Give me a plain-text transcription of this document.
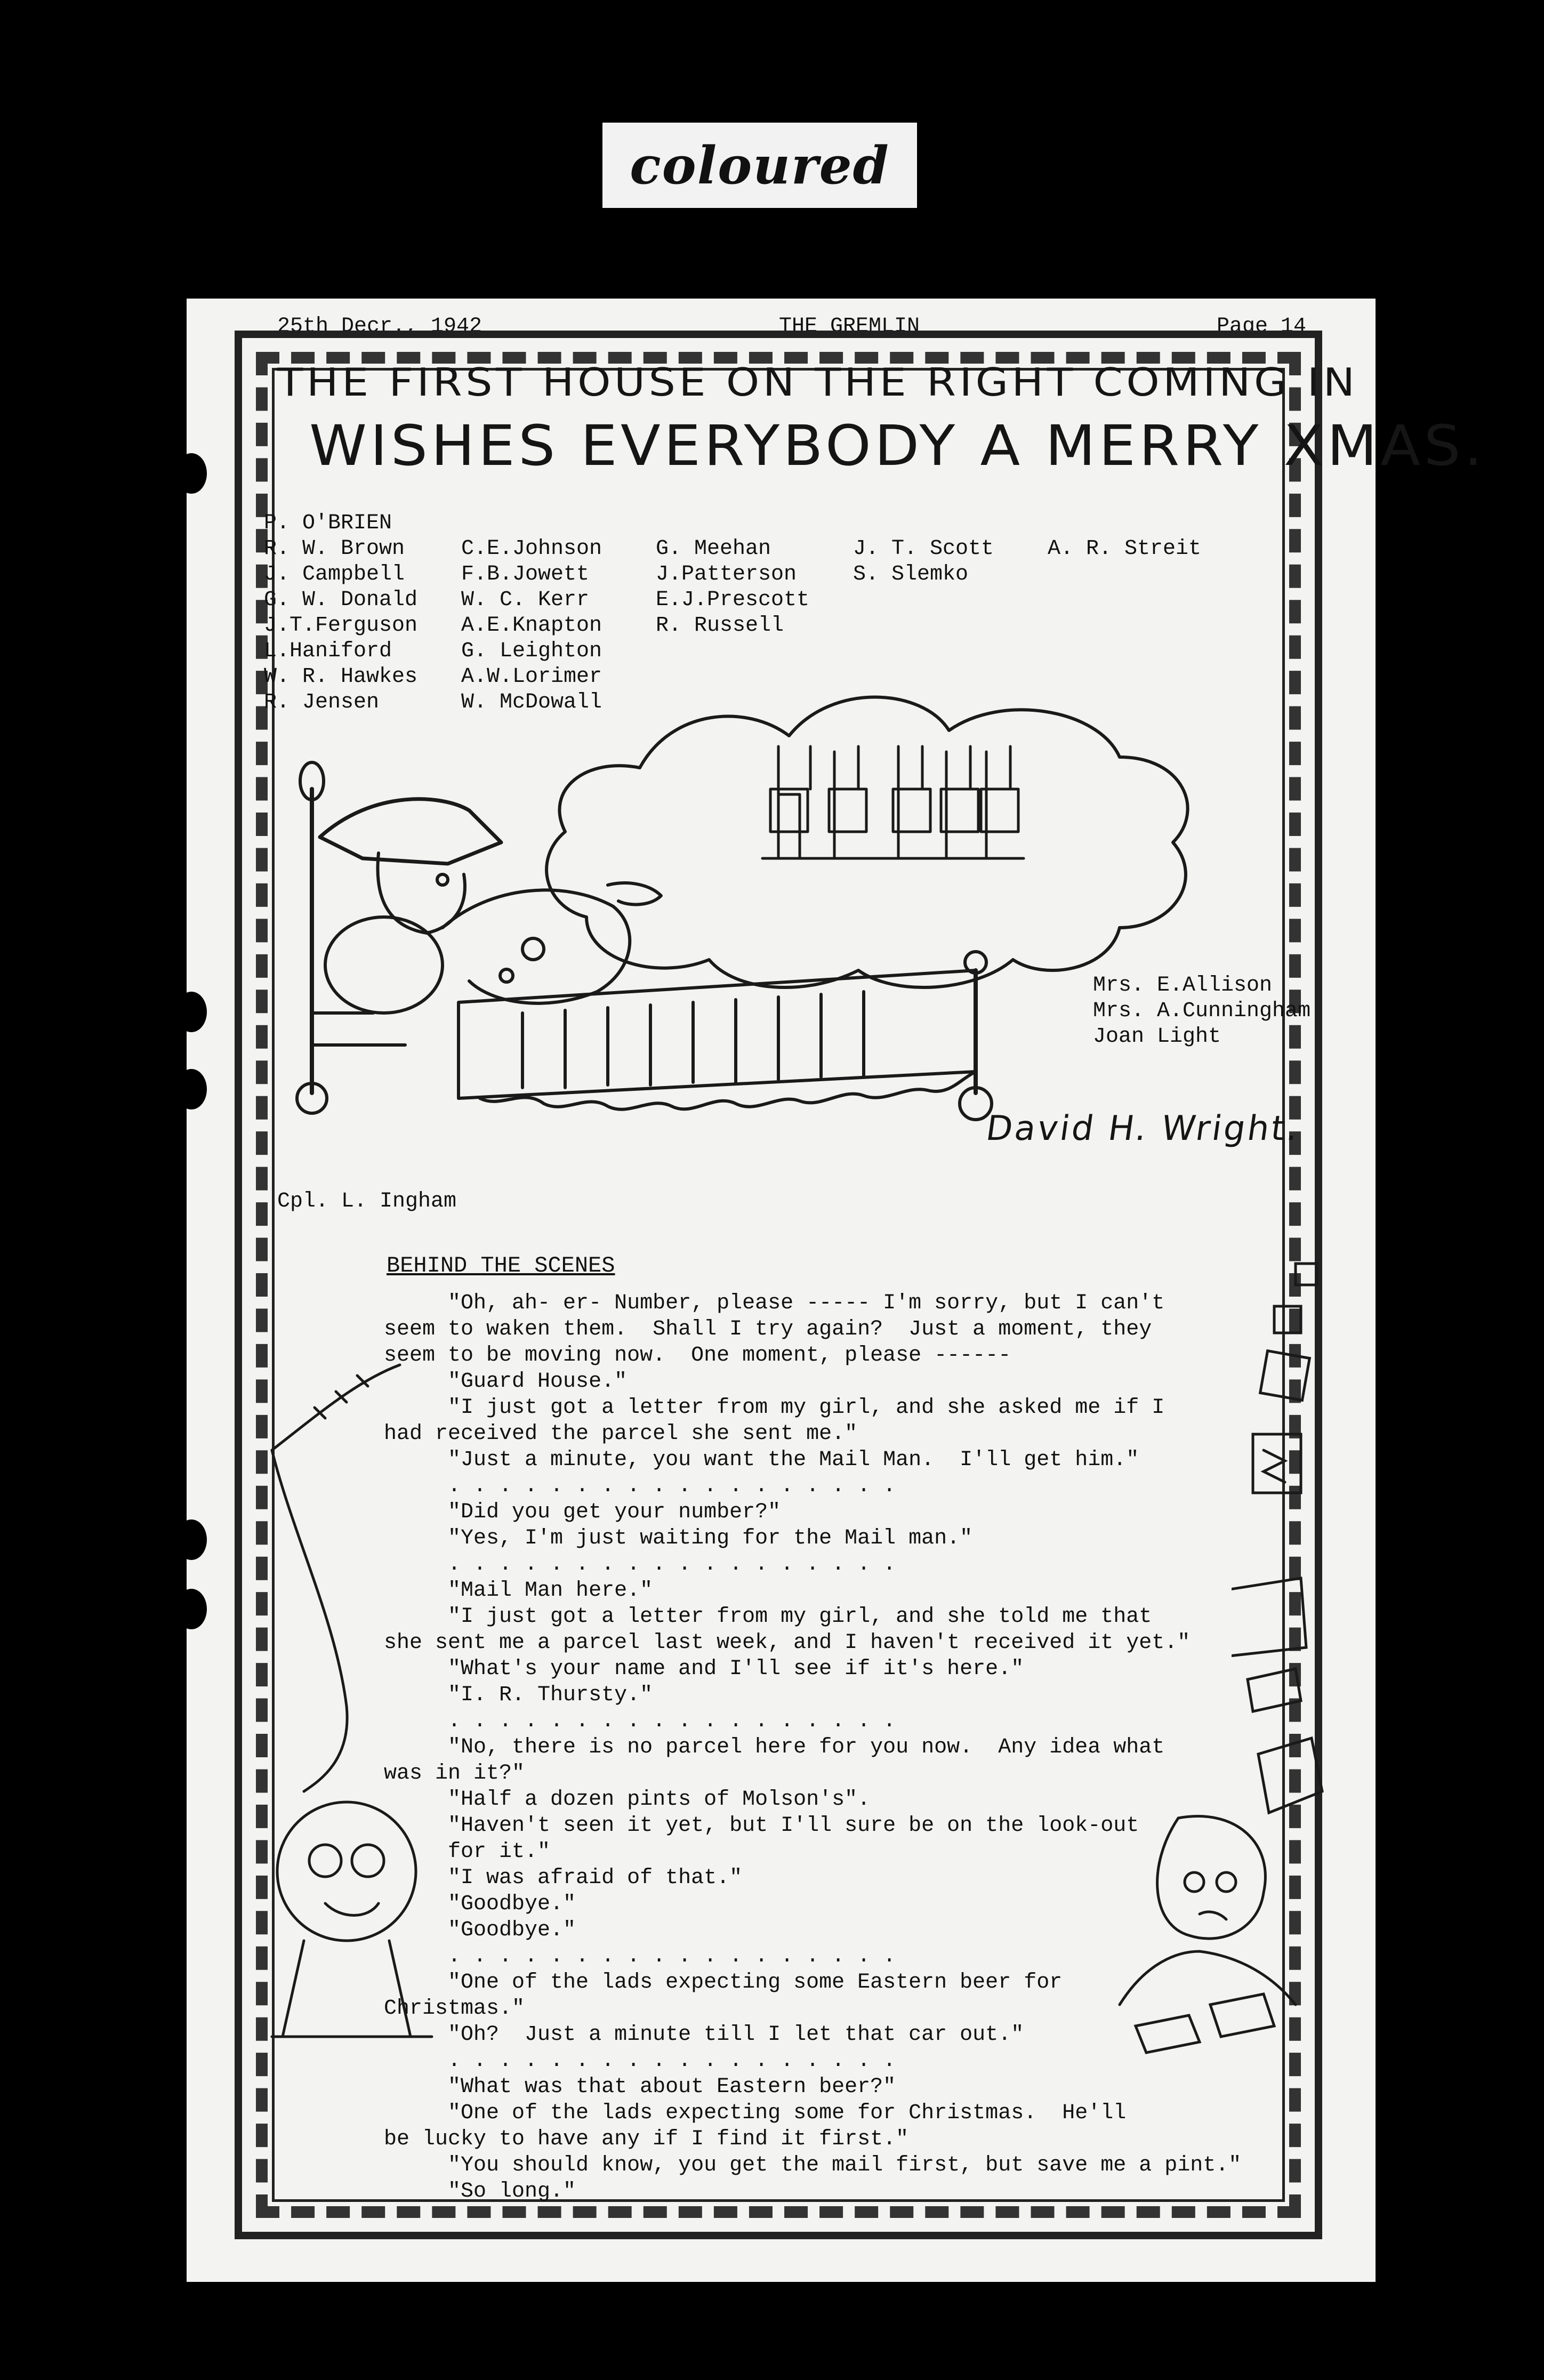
coloured
25th Decr., 1942	THE GREMLIN	Page 14
THE FIRST HOUSE ON THE RIGHT COMING IN
WISHES EVERYBODY A MERRY XMAS.
P. O'BRIEN
R. W. Brown
J. Campbell
G. W. Donald
J.T.Ferguson
L.Haniford
W. R. Hawkes
R. Jensen
C.E.Johnson
F.B.Jowett
W. C. Kerr
A.E.Knapton
G. Leighton
A.W.Lorimer
W. McDowall
G. Meehan
J.Patterson
E.J.Prescott
R. Russell
J. T. Scott
S. Slemko
A. R. Streit
Mrs. E.Allison
Mrs. A.Cunningham
Joan Light
Cpl. L. Ingham
David H. Wright.
BEHIND THE SCENES
"Oh, ah- er- Number, please ----- I'm sorry, but I can't
seem to waken them.  Shall I try again?  Just a moment, they
seem to be moving now.  One moment, please ------
"Guard House."
"I just got a letter from my girl, and she asked me if I
had received the parcel she sent me."
"Just a minute, you want the Mail Man.  I'll get him."
. . . . . . . . . . . . . . . . . .
"Did you get your number?"
"Yes, I'm just waiting for the Mail man."
. . . . . . . . . . . . . . . . . .
"Mail Man here."
"I just got a letter from my girl, and she told me that
she sent me a parcel last week, and I haven't received it yet."
"What's your name and I'll see if it's here."
"I. R. Thursty."
. . . . . . . . . . . . . . . . . .
"No, there is no parcel here for you now.  Any idea what
was in it?"
"Half a dozen pints of Molson's".
"Haven't seen it yet, but I'll sure be on the look-out
for it."
"I was afraid of that."
"Goodbye."
"Goodbye."
. . . . . . . . . . . . . . . . . .
"One of the lads expecting some Eastern beer for
Christmas."
"Oh?  Just a minute till I let that car out."
. . . . . . . . . . . . . . . . . .
"What was that about Eastern beer?"
"One of the lads expecting some for Christmas.  He'll
be lucky to have any if I find it first."
"You should know, you get the mail first, but save me a pint."
"So long."
